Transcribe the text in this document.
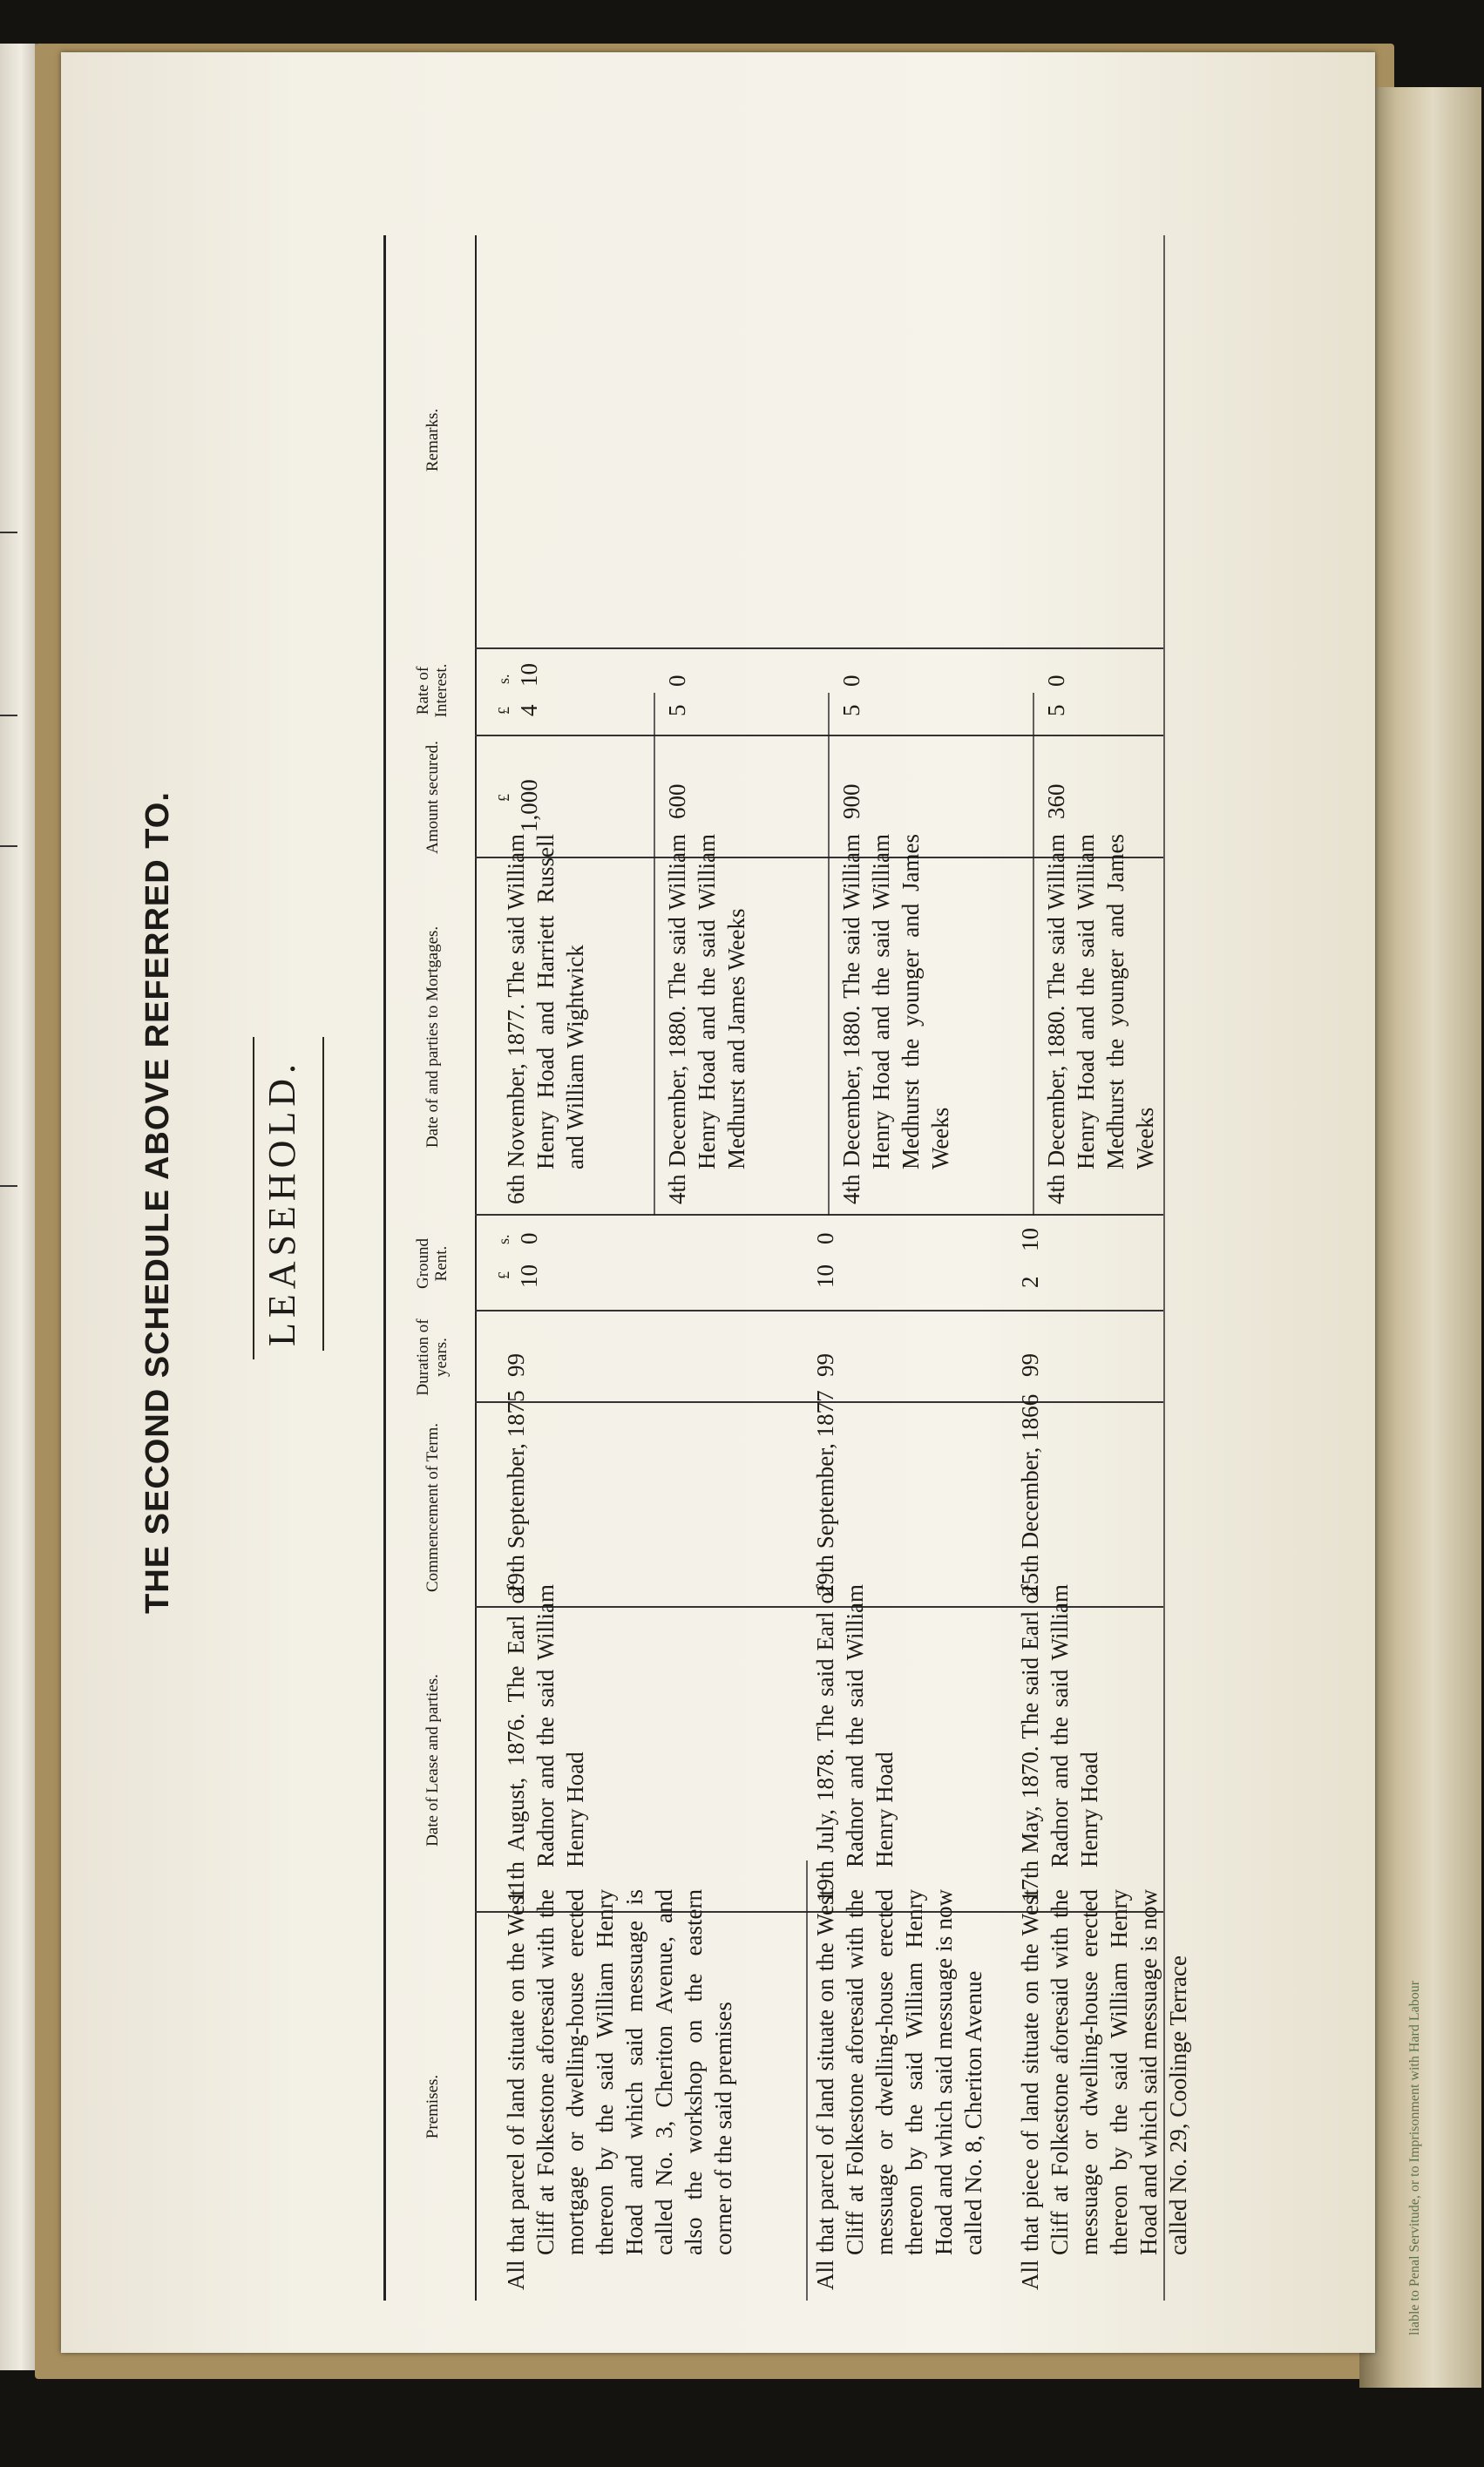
liable to Penal Servitude, or to Imprisonment with Hard Labour
THE SECOND SCHEDULE ABOVE REFERRED TO. LEASEHOLD.
Premises.
Date of Lease and parties.
Commencement of Term.
Duration of years.
Ground Rent.
Date of and parties to Mortgages.
Amount secured.
Rate of Interest.
Remarks.
£
s.
£
£
s.
All that parcel of land situate on the West Cliff at Folkestone aforesaid with the mortgage or dwelling-house erected thereon by the said William Henry Hoad and which said messuage is called No. 3, Cheriton Avenue, and also the workshop on the eastern corner of the said premises
11th August, 1876. The Earl of Radnor and the said William Henry Hoad
29th September, 1875
99
10
0
6th November, 1877. The said William Henry Hoad and Harriett Russell and William Wightwick
1,000
4
10
All that parcel of land situate on the West Cliff at Folkestone aforesaid with the messuage or dwelling-house erected thereon by the said William Henry Hoad and which said messuage is now called No. 8, Cheriton Avenue
19th July, 1878. The said Earl of Radnor and the said William Henry Hoad
29th September, 1877
99
10
0
4th December, 1880. The said William Henry Hoad and the said William Medhurst and James Weeks
600
5
0
All that piece of land situate on the West Cliff at Folkestone aforesaid with the messuage or dwelling-house erected thereon by the said William Henry Hoad and which said messuage is now called No. 29, Coolinge Terrace
17th May, 1870. The said Earl of Radnor and the said William Henry Hoad
25th December, 1866
99
2
10
4th December, 1880. The said William Henry Hoad and the said William Medhurst the younger and James Weeks
900
5
0
4th December, 1880. The said William Henry Hoad and the said William Medhurst the younger and James Weeks
360
5
0
